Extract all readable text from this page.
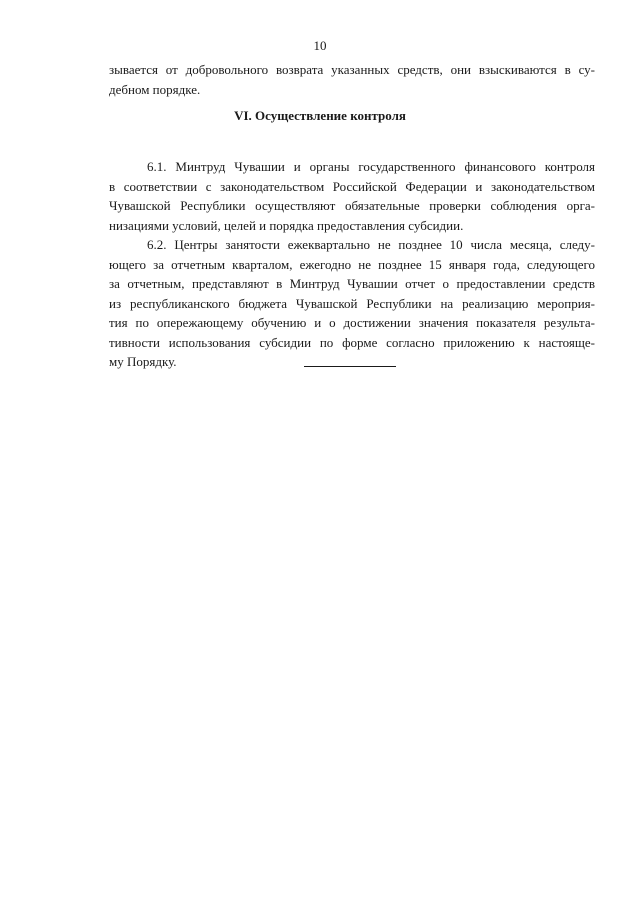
10
зывается от добровольного возврата указанных средств, они взыскиваются в су-
дебном порядке.
VI. Осуществление контроля
6.1. Минтруд Чувашии и органы государственного финансового контроля
в соответствии с законодательством Российской Федерации и законодательством
Чувашской Республики осуществляют обязательные проверки соблюдения орга-
низациями условий, целей и порядка предоставления субсидии.
6.2. Центры занятости ежеквартально не позднее 10 числа месяца, следу-
ющего за отчетным кварталом, ежегодно не позднее 15 января года, следующего
за отчетным, представляют в Минтруд Чувашии отчет о предоставлении средств
из республиканского бюджета Чувашской Республики на реализацию мероприя-
тия по опережающему обучению и о достижении значения показателя результа-
тивности использования субсидии по форме согласно приложению к настояще-
му Порядку.
